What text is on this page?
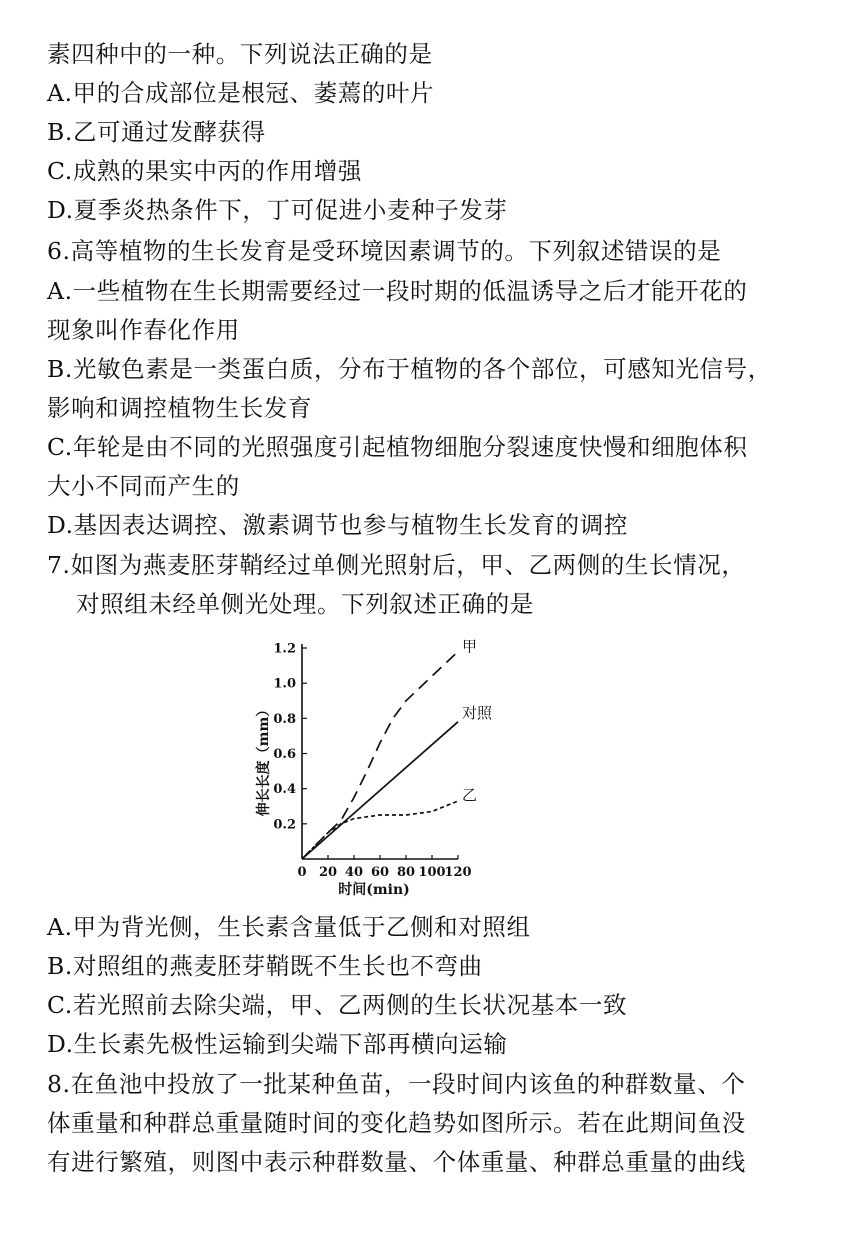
素四种中的一种。下列说法正确的是
A.甲的合成部位是根冠、萎蔫的叶片
B.乙可通过发酵获得
C.成熟的果实中丙的作用增强
D.夏季炎热条件下，丁可促进小麦种子发芽
6.高等植物的生长发育是受环境因素调节的。下列叙述错误的是
A.一些植物在生长期需要经过一段时期的低温诱导之后才能开花的
现象叫作春化作用
B.光敏色素是一类蛋白质，分布于植物的各个部位，可感知光信号，
影响和调控植物生长发育
C.年轮是由不同的光照强度引起植物细胞分裂速度快慢和细胞体积
大小不同而产生的
D.基因表达调控、激素调节也参与植物生长发育的调控
7.如图为燕麦胚芽鞘经过单侧光照射后，甲、乙两侧的生长情况，
对照组未经单侧光处理。下列叙述正确的是
A.甲为背光侧，生长素含量低于乙侧和对照组
B.对照组的燕麦胚芽鞘既不生长也不弯曲
C.若光照前去除尖端，甲、乙两侧的生长状况基本一致
D.生长素先极性运输到尖端下部再横向运输
8.在鱼池中投放了一批某种鱼苗，一段时间内该鱼的种群数量、个
体重量和种群总重量随时间的变化趋势如图所示。若在此期间鱼没
有进行繁殖，则图中表示种群数量、个体重量、种群总重量的曲线
0 20 40 60 80 100
120
0.2
0.4
0.6
0.8
1.0
1.2	甲
对照
乙
时间(min)
伸长长度（mm）
